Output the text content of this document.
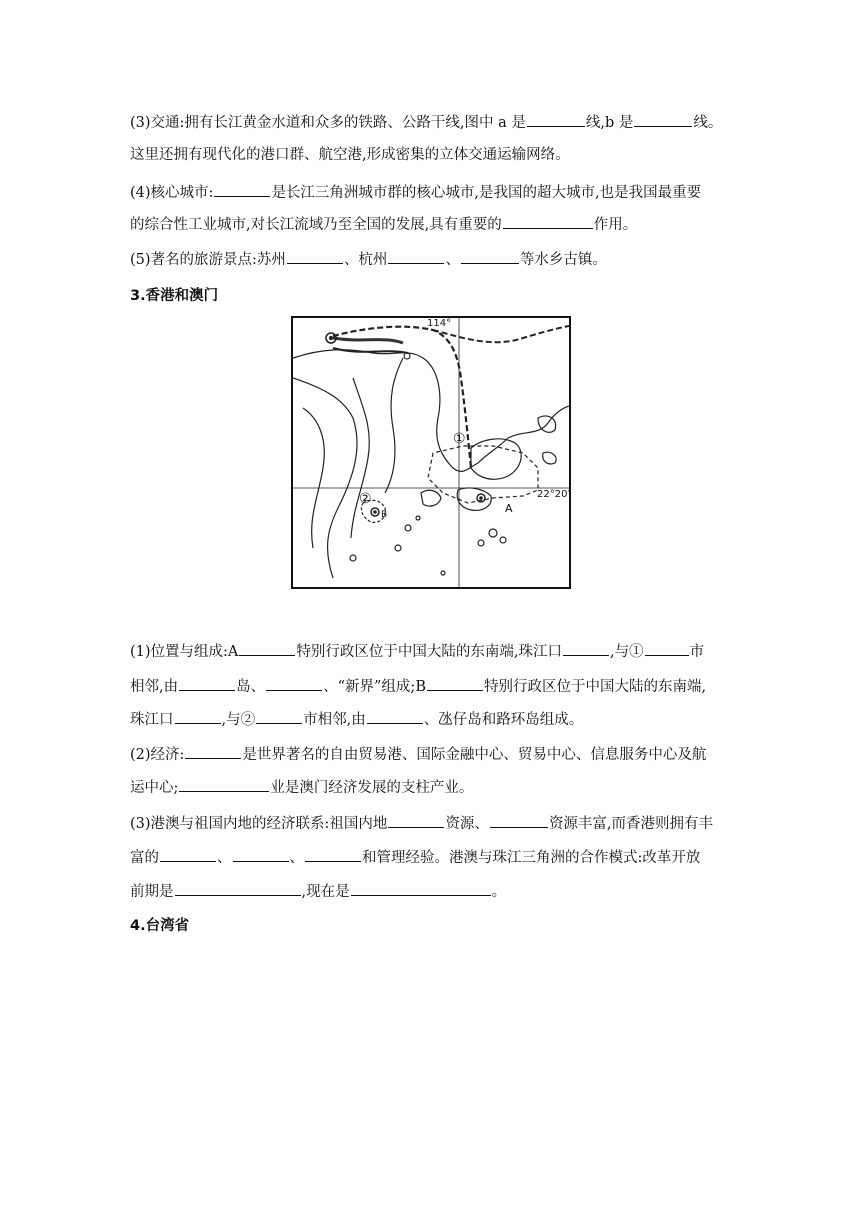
(3)交通:拥有长江黄金水道和众多的铁路、公路干线,图中 a 是	线,b 是	线。
这里还拥有现代化的港口群、航空港,形成密集的立体交通运输网络。
(4)核心城市:	是长江三角洲城市群的核心城市,是我国的超大城市,也是我国最重要
的综合性工业城市,对长江流域乃至全国的发展,具有重要的	作用。
(5)著名的旅游景点:苏州	、杭州	、	等水乡古镇。
3.香港和澳门
114°
22°20′
A
B
①
②
(1)位置与组成:A	特别行政区位于中国大陆的东南端,珠江口	,与①	市
相邻,由	岛、	、“新界”组成;B	特别行政区位于中国大陆的东南端,
珠江口	,与②	市相邻,由	、氹仔岛和路环岛组成。
(2)经济:	是世界著名的自由贸易港、国际金融中心、贸易中心、信息服务中心及航
运中心;	业是澳门经济发展的支柱产业。
(3)港澳与祖国内地的经济联系:祖国内地	资源、	资源丰富,而香港则拥有丰
富的	、	、	和管理经验。港澳与珠江三角洲的合作模式:改革开放
前期是	,现在是	。
4.台湾省
